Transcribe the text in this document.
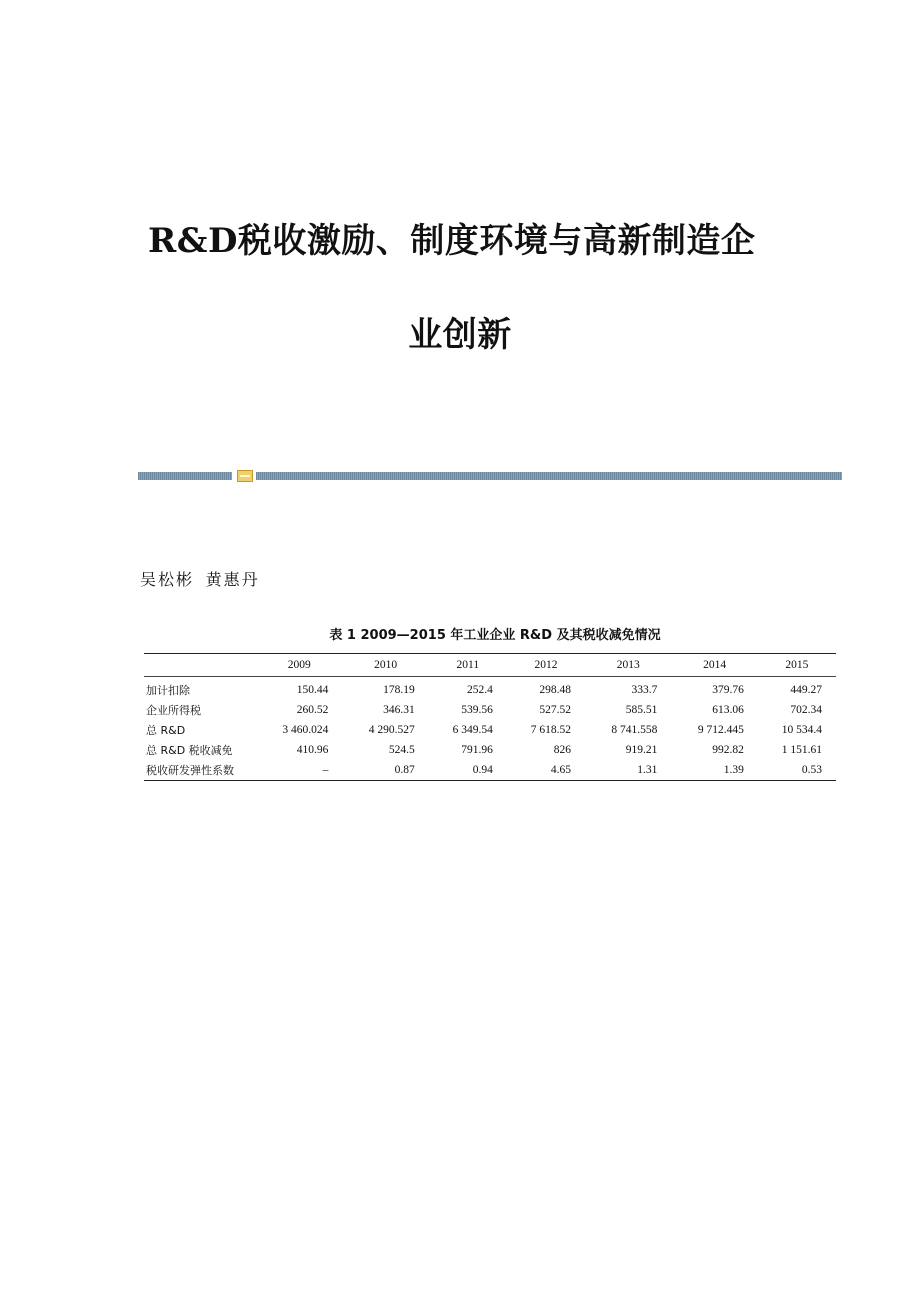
R&D税收激励、制度环境与高新制造企
业创新

吴松彬 黄惠丹

表 1 2009—2015 年工业企业 R&D 及其税收减免情况

	2009	2010	2011	2012	2013	2014	2015
加计扣除	150.44	178.19	252.4	298.48	333.7	379.76	449.27
企业所得税	260.52	346.31	539.56	527.52	585.51	613.06	702.34
总 R&D	3 460.024	4 290.527	6 349.54	7 618.52	8 741.558	9 712.445	10 534.4
总 R&D 税收减免	410.96	524.5	791.96	826	919.21	992.82	1 151.61
税收研发弹性系数	–	0.87	0.94	4.65	1.31	1.39	0.53
